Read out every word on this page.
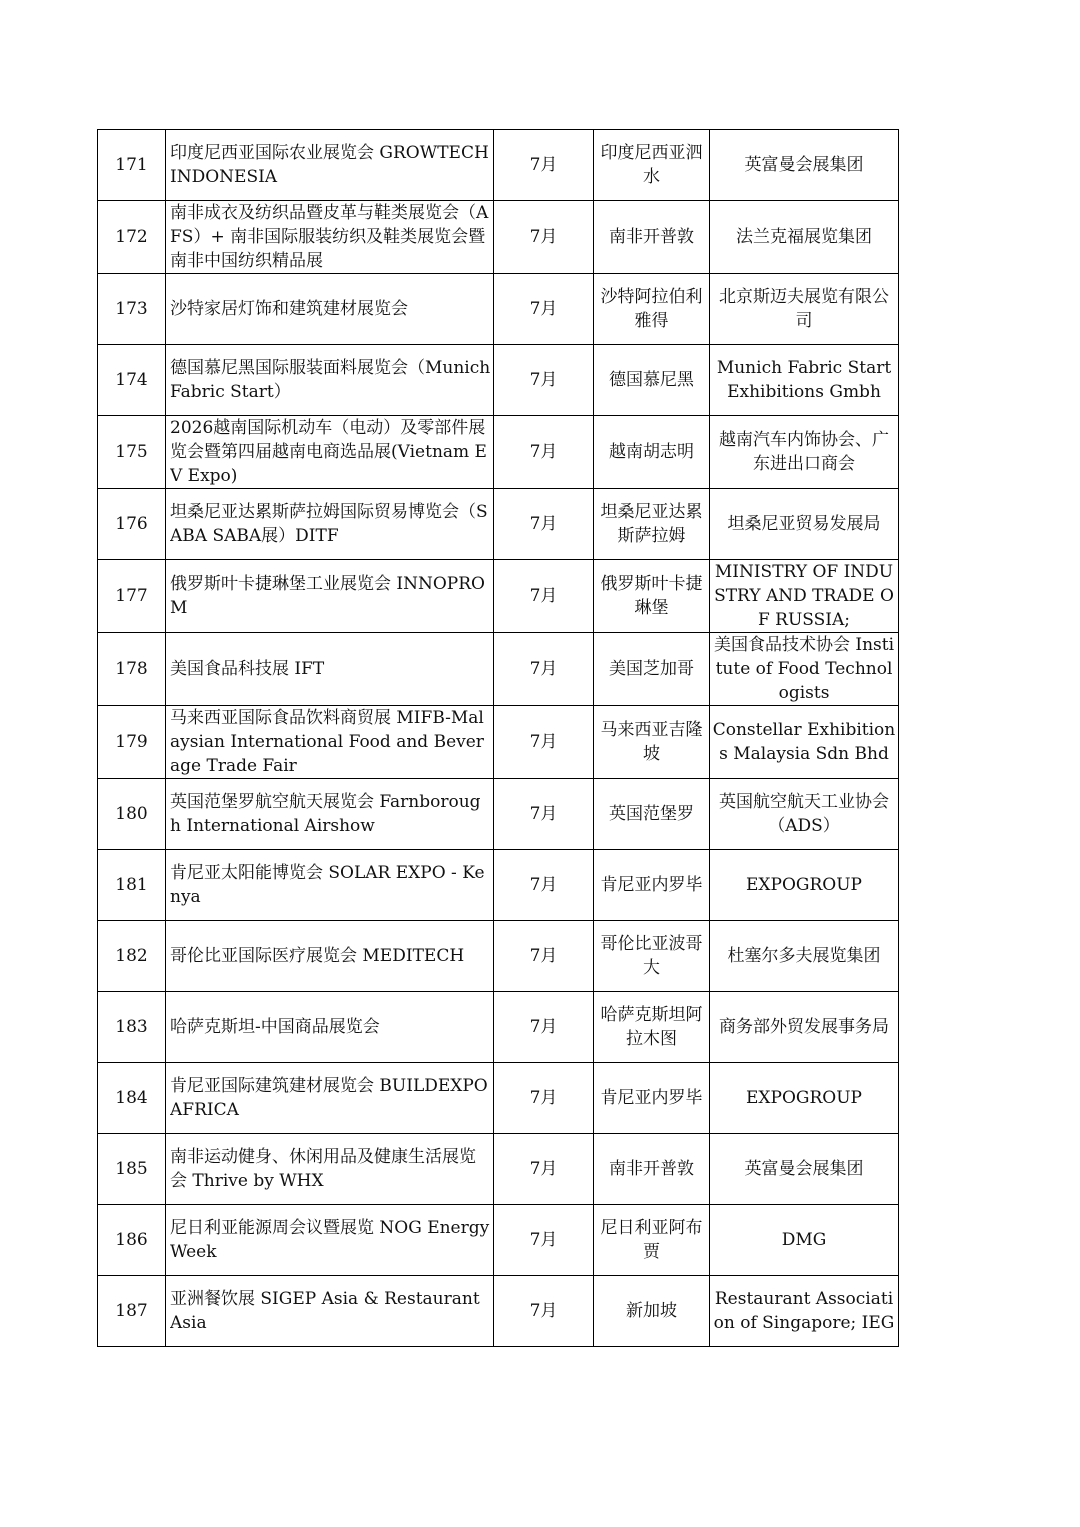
171	印度尼西亚国际农业展览会 GROWTECH INDONESIA	7月	印度尼西亚泗水	英富曼会展集团

172	南非成衣及纺织品暨皮革与鞋类展览会（AFS）+ 南非国际服装纺织及鞋类展览会暨南非中国纺织精品展	7月	南非开普敦	法兰克福展览集团

173	沙特家居灯饰和建筑建材展览会	7月	沙特阿拉伯利雅得	北京斯迈夫展览有限公司

174	德国慕尼黑国际服装面料展览会（Munich Fabric Start）	7月	德国慕尼黑	Munich Fabric Start Exhibitions Gmbh

175	2026越南国际机动车（电动）及零部件展览会暨第四届越南电商选品展(Vietnam EV Expo)	7月	越南胡志明	越南汽车内饰协会、广东进出口商会

176	坦桑尼亚达累斯萨拉姆国际贸易博览会（SABA SABA展）DITF	7月	坦桑尼亚达累斯萨拉姆	坦桑尼亚贸易发展局

177	俄罗斯叶卡捷琳堡工业展览会 INNOPROM	7月	俄罗斯叶卡捷琳堡	MINISTRY OF INDUSTRY AND TRADE OF RUSSIA;

178	美国食品科技展 IFT	7月	美国芝加哥	美国食品技术协会 Institute of Food Technologists

179	马来西亚国际食品饮料商贸展 MIFB-Malaysian International Food and Beverage Trade Fair	7月	马来西亚吉隆坡	Constellar Exhibitions Malaysia Sdn Bhd

180	英国范堡罗航空航天展览会 Farnborough International Airshow	7月	英国范堡罗	英国航空航天工业协会（ADS）

181	肯尼亚太阳能博览会 SOLAR EXPO - Kenya	7月	肯尼亚内罗毕	EXPOGROUP

182	哥伦比亚国际医疗展览会 MEDITECH	7月	哥伦比亚波哥大	杜塞尔多夫展览集团

183	哈萨克斯坦-中国商品展览会	7月	哈萨克斯坦阿拉木图	商务部外贸发展事务局

184	肯尼亚国际建筑建材展览会 BUILDEXPO AFRICA	7月	肯尼亚内罗毕	EXPOGROUP

185	南非运动健身、休闲用品及健康生活展览会 Thrive by WHX	7月	南非开普敦	英富曼会展集团

186	尼日利亚能源周会议暨展览 NOG Energy Week	7月	尼日利亚阿布贾	DMG

187	亚洲餐饮展 SIGEP Asia & Restaurant Asia	7月	新加坡	Restaurant Association of Singapore; IEG
